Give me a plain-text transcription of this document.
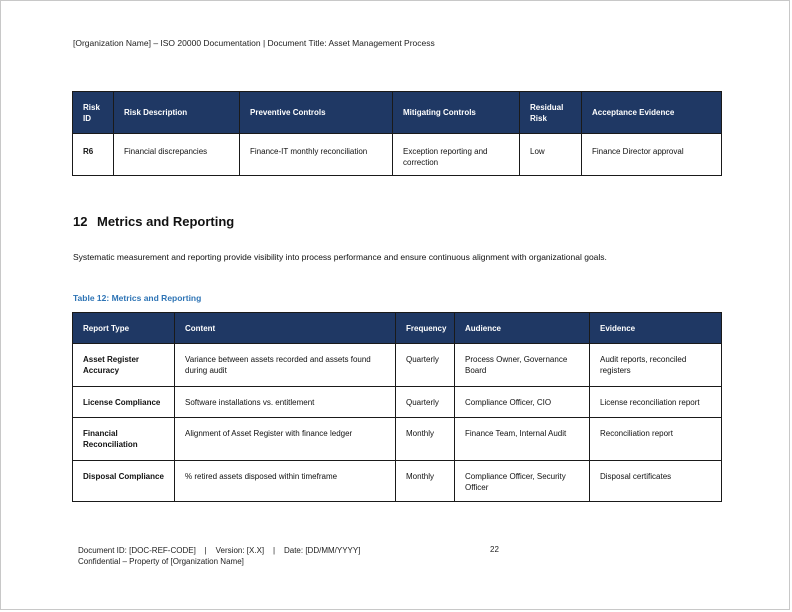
[Organization Name] – ISO 20000 Documentation | Document Title: Asset Management Process
Risk ID	Risk Description	Preventive Controls	Mitigating Controls	Residual Risk	Acceptance Evidence
R6	Financial discrepancies	Finance-IT monthly reconciliation	Exception reporting and correction	Low	Finance Director approval
12 Metrics and Reporting
Systematic measurement and reporting provide visibility into process performance and ensure continuous alignment with organizational goals.
Table 12: Metrics and Reporting
Report Type	Content	Frequency	Audience	Evidence
Asset Register Accuracy	Variance between assets recorded and assets found during audit	Quarterly	Process Owner, Governance Board	Audit reports, reconciled registers
License Compliance	Software installations vs. entitlement	Quarterly	Compliance Officer, CIO	License reconciliation report
Financial Reconciliation	Alignment of Asset Register with finance ledger	Monthly	Finance Team, Internal Audit	Reconciliation report
Disposal Compliance	% retired assets disposed within timeframe	Monthly	Compliance Officer, Security Officer	Disposal certificates
Document ID: [DOC-REF-CODE]    |    Version: [X.X]    |    Date: [DD/MM/YYYY]
Confidential – Property of [Organization Name]
22
